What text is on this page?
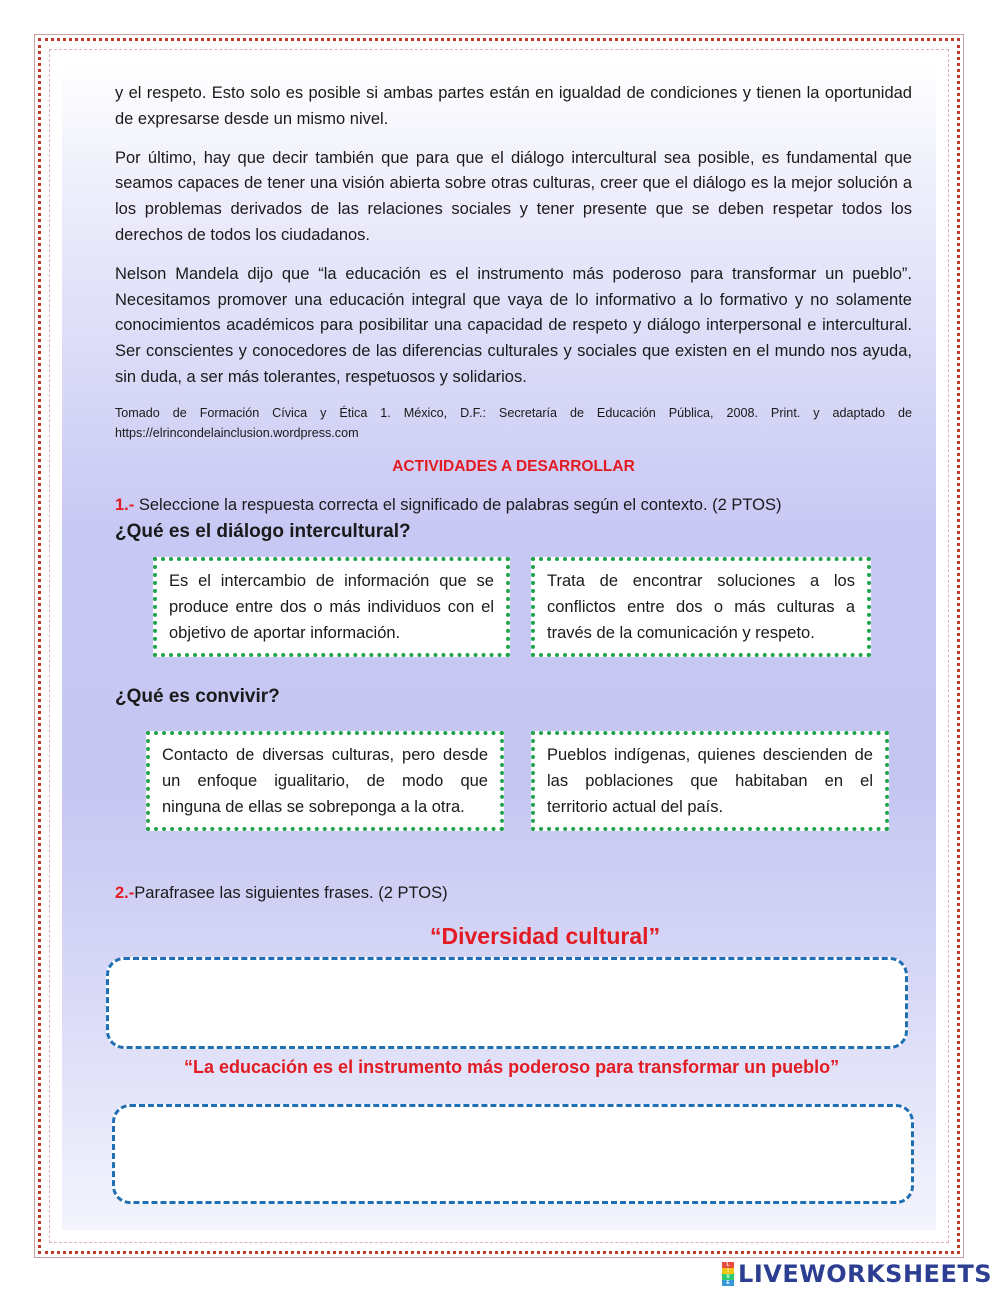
y el respeto. Esto solo es posible si ambas partes están en igualdad de condiciones y tienen la oportunidad de expresarse desde un mismo nivel.

Por último, hay que decir también que para que el diálogo intercultural sea posible, es fundamental que seamos capaces de tener una visión abierta sobre otras culturas, creer que el diálogo es la mejor solución a los problemas derivados de las relaciones sociales y tener presente que se deben respetar todos los derechos de todos los ciudadanos.

Nelson Mandela dijo que “la educación es el instrumento más poderoso para transformar un pueblo”. Necesitamos promover una educación integral que vaya de lo informativo a lo formativo y no solamente conocimientos académicos para posibilitar una capacidad de respeto y diálogo interpersonal e intercultural. Ser conscientes y conocedores de las diferencias culturales y sociales que existen en el mundo nos ayuda, sin duda, a ser más tolerantes, respetuosos y solidarios.

Tomado de Formación Cívica y Ética 1. México, D.F.: Secretaría de Educación Pública, 2008. Print. y adaptado de https://elrincondelainclusion.wordpress.com

ACTIVIDADES A DESARROLLAR
1.- Seleccione la respuesta correcta el significado de palabras según el contexto. (2 PTOS)
¿Qué es el diálogo intercultural?
Es el intercambio de información que se produce entre dos o más individuos con el objetivo de aportar información.
Trata de encontrar soluciones a los conflictos entre dos o más culturas a través de la comunicación y respeto.
¿Qué es convivir?
Contacto de diversas culturas, pero desde un enfoque igualitario, de modo que ninguna de ellas se sobreponga a la otra.
Pueblos indígenas, quienes descienden de las poblaciones que habitaban en el territorio actual del país.
2.-Parafrasee las siguientes frases. (2 PTOS)
“Diversidad cultural”
“La educación es el instrumento más poderoso para transformar un pueblo”
L
I
V
E LIVEWORKSHEETS
